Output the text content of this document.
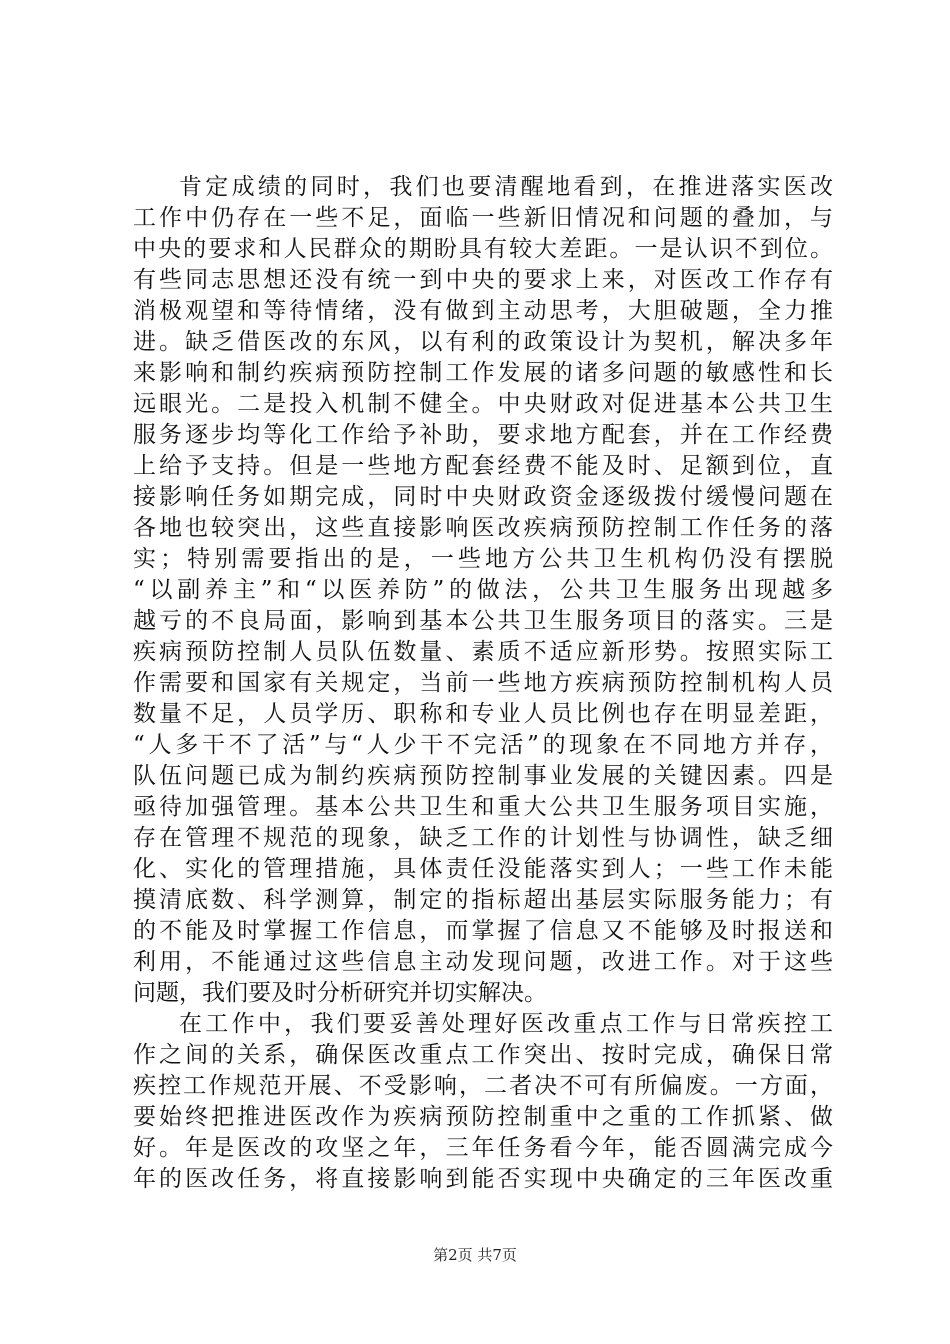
肯定成绩的同时，我们也要清醒地看到，在推进落实医改
工作中仍存在一些不足，面临一些新旧情况和问题的叠加，与
中央的要求和人民群众的期盼具有较大差距。一是认识不到位。
有些同志思想还没有统一到中央的要求上来，对医改工作存有
消极观望和等待情绪，没有做到主动思考，大胆破题，全力推
进。缺乏借医改的东风，以有利的政策设计为契机，解决多年
来影响和制约疾病预防控制工作发展的诸多问题的敏感性和长
远眼光。二是投入机制不健全。中央财政对促进基本公共卫生
服务逐步均等化工作给予补助，要求地方配套，并在工作经费
上给予支持。但是一些地方配套经费不能及时、足额到位，直
接影响任务如期完成，同时中央财政资金逐级拨付缓慢问题在
各地也较突出，这些直接影响医改疾病预防控制工作任务的落
实；特别需要指出的是，一些地方公共卫生机构仍没有摆脱
“以副养主”和“以医养防”的做法，公共卫生服务出现越多
越亏的不良局面，影响到基本公共卫生服务项目的落实。三是
疾病预防控制人员队伍数量、素质不适应新形势。按照实际工
作需要和国家有关规定，当前一些地方疾病预防控制机构人员
数量不足，人员学历、职称和专业人员比例也存在明显差距，
“人多干不了活”与“人少干不完活”的现象在不同地方并存，
队伍问题已成为制约疾病预防控制事业发展的关键因素。四是
亟待加强管理。基本公共卫生和重大公共卫生服务项目实施，
存在管理不规范的现象，缺乏工作的计划性与协调性，缺乏细
化、实化的管理措施，具体责任没能落实到人；一些工作未能
摸清底数、科学测算，制定的指标超出基层实际服务能力；有
的不能及时掌握工作信息，而掌握了信息又不能够及时报送和
利用，不能通过这些信息主动发现问题，改进工作。对于这些
问题，我们要及时分析研究并切实解决。
在工作中，我们要妥善处理好医改重点工作与日常疾控工
作之间的关系，确保医改重点工作突出、按时完成，确保日常
疾控工作规范开展、不受影响，二者决不可有所偏废。一方面，
要始终把推进医改作为疾病预防控制重中之重的工作抓紧、做
好。年是医改的攻坚之年，三年任务看今年，能否圆满完成今
年的医改任务，将直接影响到能否实现中央确定的三年医改重
第2页 共7页
